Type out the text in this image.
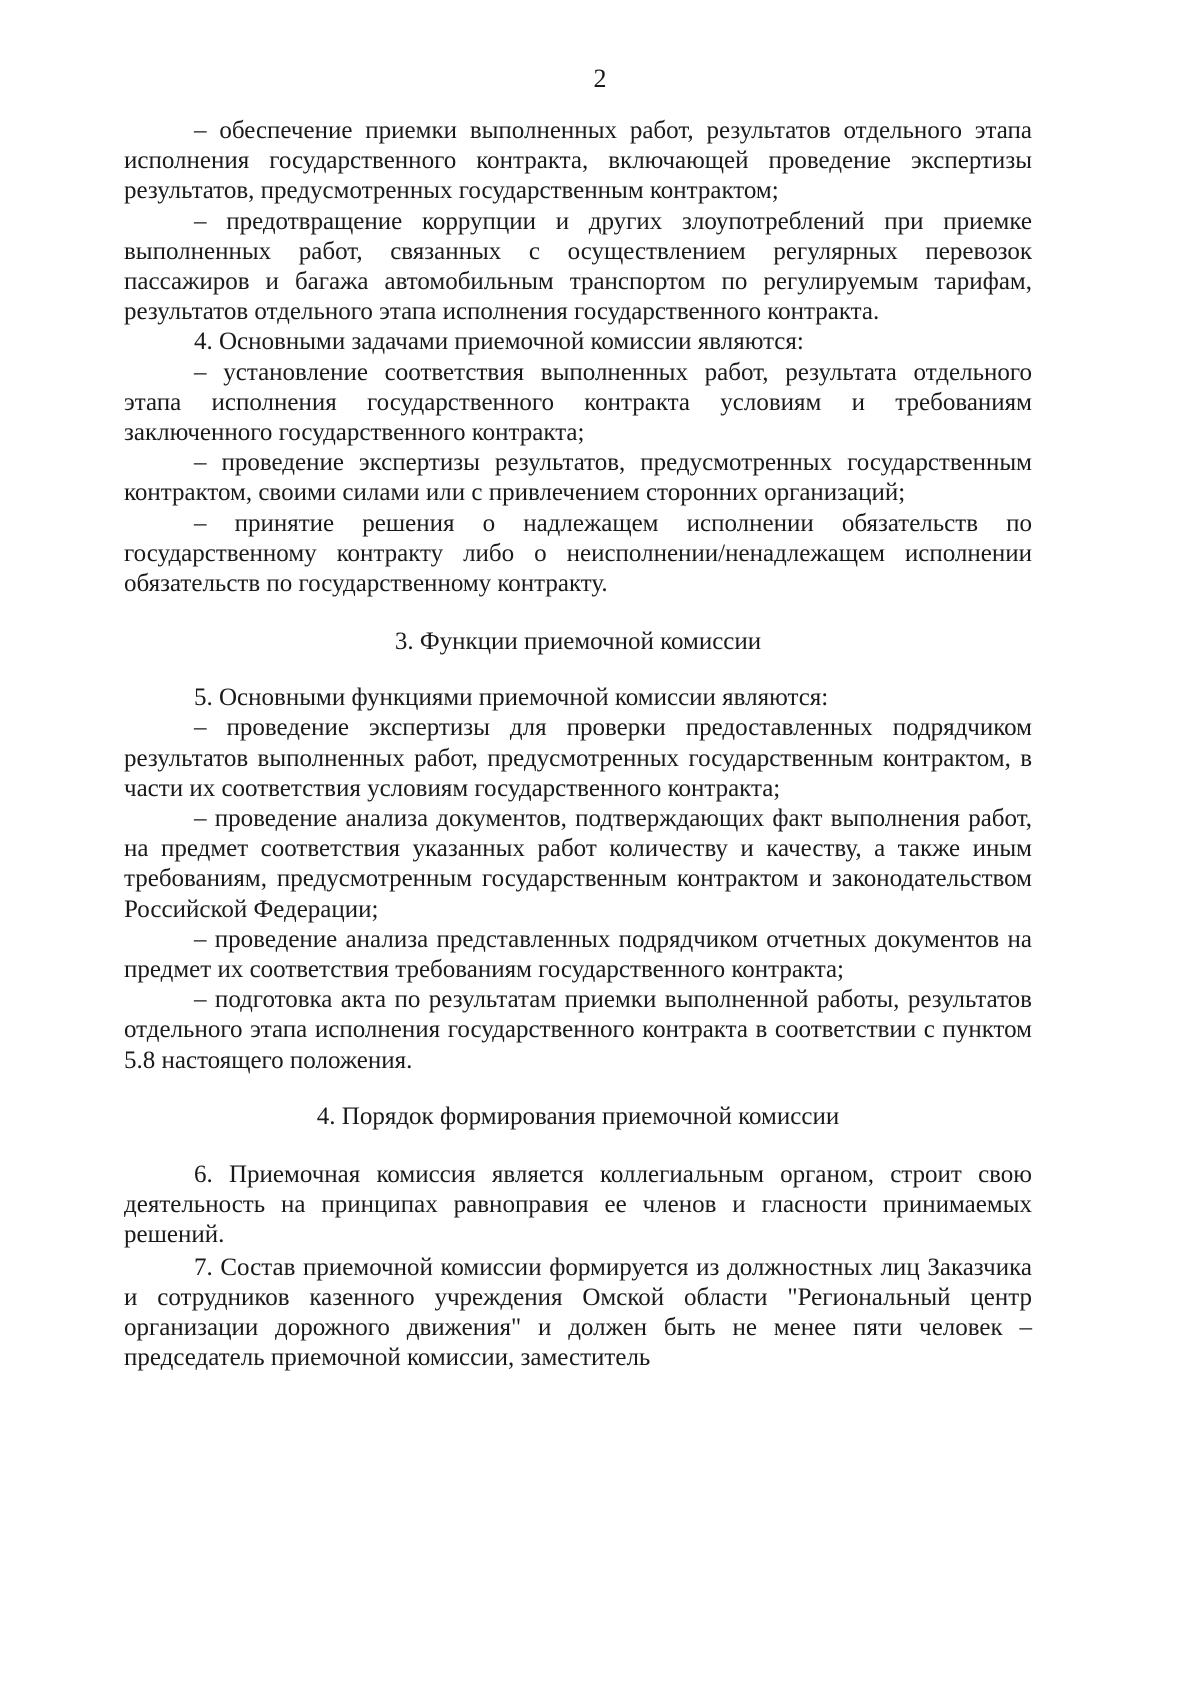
2

– обеспечение приемки выполненных работ, результатов отдельного этапа исполнения государственного контракта, включающей проведение экспертизы результатов, предусмотренных государственным контрактом;

– предотвращение коррупции и других злоупотреблений при приемке выполненных работ, связанных с осуществлением регулярных перевозок пассажиров и багажа автомобильным транспортом по регулируемым тарифам, результатов отдельного этапа исполнения государственного контракта.

4. Основными задачами приемочной комиссии являются:

– установление соответствия выполненных работ, результата отдельного этапа исполнения государственного контракта условиям и требованиям заключенного государственного контракта;

– проведение экспертизы результатов, предусмотренных государственным контрактом, своими силами или с привлечением сторонних организаций;

– принятие решения о надлежащем исполнении обязательств по государственному контракту либо о неисполнении/ненадлежащем исполнении обязательств по государственному контракту.

3. Функции приемочной комиссии

5. Основными функциями приемочной комиссии являются:

– проведение экспертизы для проверки предоставленных подрядчиком результатов выполненных работ, предусмотренных государственным контрактом, в части их соответствия условиям государственного контракта;

– проведение анализа документов, подтверждающих факт выполнения работ, на предмет соответствия указанных работ количеству и качеству, а также иным требованиям, предусмотренным государственным контрактом и законодательством Российской Федерации;

– проведение анализа представленных подрядчиком отчетных документов на предмет их соответствия требованиям государственного контракта;

– подготовка акта по результатам приемки выполненной работы, результатов отдельного этапа исполнения государственного контракта в соответствии с пунктом 5.8 настоящего положения.

4. Порядок формирования приемочной комиссии

6. Приемочная комиссия является коллегиальным органом, строит свою деятельность на принципах равноправия ее членов и гласности принимаемых решений.

7. Состав приемочной комиссии формируется из должностных лиц Заказчика и сотрудников казенного учреждения Омской области "Региональный центр организации дорожного движения" и должен быть не менее пяти человек – председатель приемочной комиссии, заместитель
